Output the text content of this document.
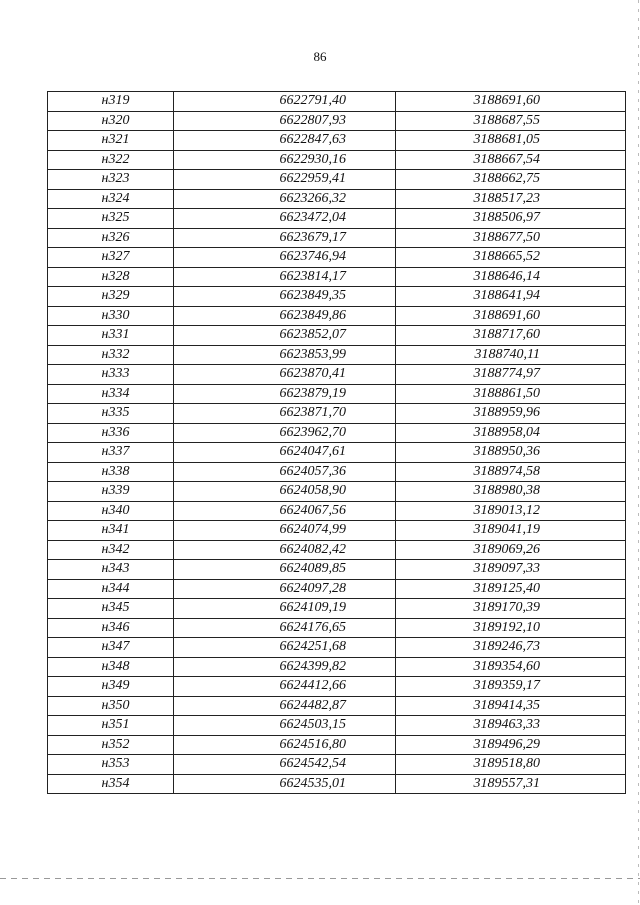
86
н319	6622791,40	3188691,60
н320	6622807,93	3188687,55
н321	6622847,63	3188681,05
н322	6622930,16	3188667,54
н323	6622959,41	3188662,75
н324	6623266,32	3188517,23
н325	6623472,04	3188506,97
н326	6623679,17	3188677,50
н327	6623746,94	3188665,52
н328	6623814,17	3188646,14
н329	6623849,35	3188641,94
н330	6623849,86	3188691,60
н331	6623852,07	3188717,60
н332	6623853,99	3188740,11
н333	6623870,41	3188774,97
н334	6623879,19	3188861,50
н335	6623871,70	3188959,96
н336	6623962,70	3188958,04
н337	6624047,61	3188950,36
н338	6624057,36	3188974,58
н339	6624058,90	3188980,38
н340	6624067,56	3189013,12
н341	6624074,99	3189041,19
н342	6624082,42	3189069,26
н343	6624089,85	3189097,33
н344	6624097,28	3189125,40
н345	6624109,19	3189170,39
н346	6624176,65	3189192,10
н347	6624251,68	3189246,73
н348	6624399,82	3189354,60
н349	6624412,66	3189359,17
н350	6624482,87	3189414,35
н351	6624503,15	3189463,33
н352	6624516,80	3189496,29
н353	6624542,54	3189518,80
н354	6624535,01	3189557,31
